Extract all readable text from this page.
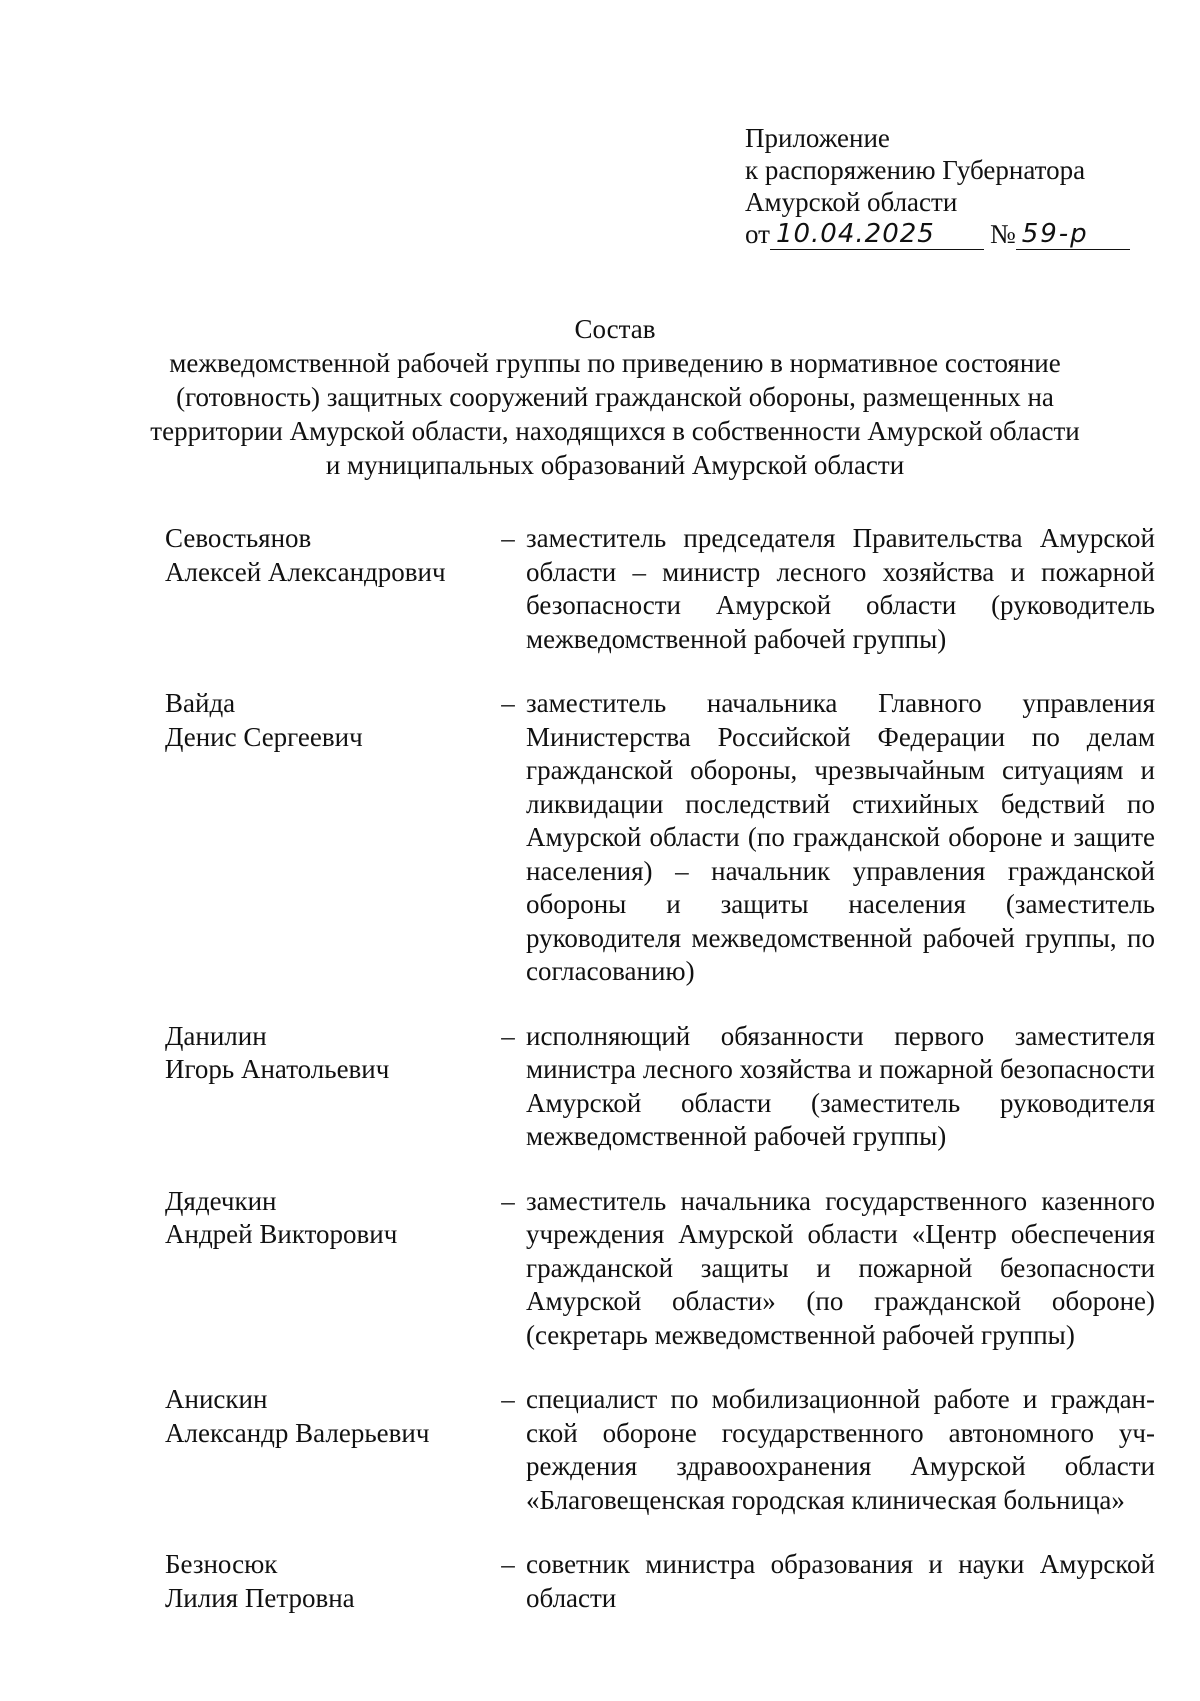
Приложение
к распоряжению Губернатора
Амурской области
от 10.04.2025	№ 59-р
Состав
межведомственной рабочей группы по приведению в нормативное состояние
(готовность) защитных сооружений гражданской обороны, размещенных на
территории Амурской области, находящихся в собственности Амурской области
и муниципальных образований Амурской области
Севостьянов
Алексей Александрович
– заместитель председателя Правительства Амурской области – министр лесного хозяйства и пожарной безопасности Амурской области (руководитель межведомственной рабочей группы)
Вайда
Денис Сергеевич
– заместитель начальника Главного управления Министерства Российской Федерации по делам гражданской обороны, чрезвычайным ситуациям и ликвидации последствий стихийных бедствий по Амурской области (по гражданской обороне и защите населения) – начальник управления гражданской обороны и защиты населения (заместитель руководителя межведомственной рабочей группы, по согласованию)
Данилин
Игорь Анатольевич
– исполняющий обязанности первого заместителя министра лесного хозяйства и пожарной безопасности Амурской области (заместитель руководителя межведомственной рабочей группы)
Дядечкин
Андрей Викторович
– заместитель начальника государственного казенного учреждения Амурской области «Центр обеспечения гражданской защиты и пожарной безопасности Амурской области» (по гражданской обороне) (секретарь межведомственной рабочей группы)
Анискин
Александр Валерьевич
– специалист по мобилизационной работе и граждан-ской обороне государственного автономного уч-реждения здравоохранения Амурской области «Благовещенская городская клиническая больница»
Безносюк
Лилия Петровна
– советник министра образования и науки Амурской области
